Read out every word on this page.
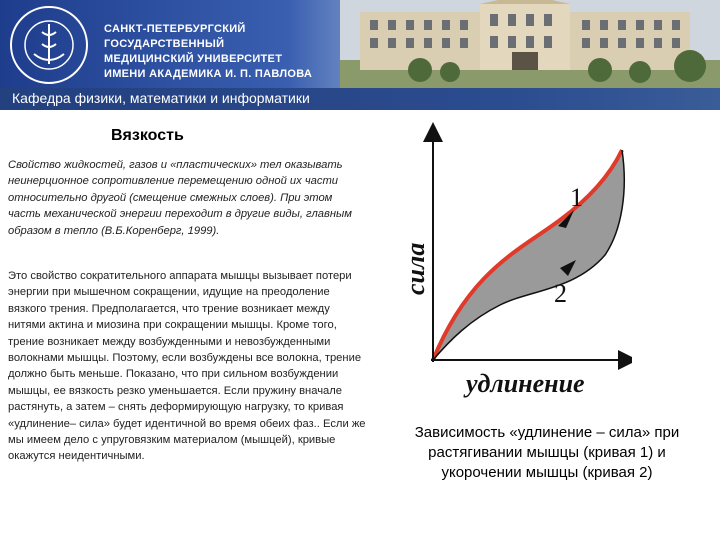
САНКТ-ПЕТЕРБУРГСКИЙ ГОСУДАРСТВЕННЫЙ
МЕДИЦИНСКИЙ УНИВЕРСИТЕТ
ИМЕНИ АКАДЕМИКА И. П. ПАВЛОВА
Кафедра физики, математики и информатики
Вязкость
Свойство жидкостей, газов и «пластических» тел оказывать неинерционное сопротивление перемещению одной их части относительно другой (смещение смежных слоев). При этом часть механической энергии переходит в другие виды, главным образом в тепло (В.Б.Коренберг, 1999).
Это свойство сократительного аппарата мышцы вызывает потери энергии при мышечном сокращении, идущие на преодоление вязкого трения. Предполагается, что трение возникает между нитями актина и миозина при сокращении мышцы. Кроме того, трение возникает между возбужденными и невозбужденными волокнами мышцы. Поэтому, если возбуждены все волокна, трение должно быть меньше. Показано, что при сильном возбуждении мышцы, ее вязкость резко уменьшается. Если пружину вначале растянуть, а затем – снять деформирующую нагрузку, то кривая «удлинение– сила» будет идентичной во время обеих фаз.. Если же мы имеем дело с упруговязким материалом (мышцей), кривые окажутся неидентичными.
1
2
сила
удлинение
Зависимость «удлинение – сила» при
растягивании мышцы (кривая 1) и
укорочении мышцы (кривая 2)
